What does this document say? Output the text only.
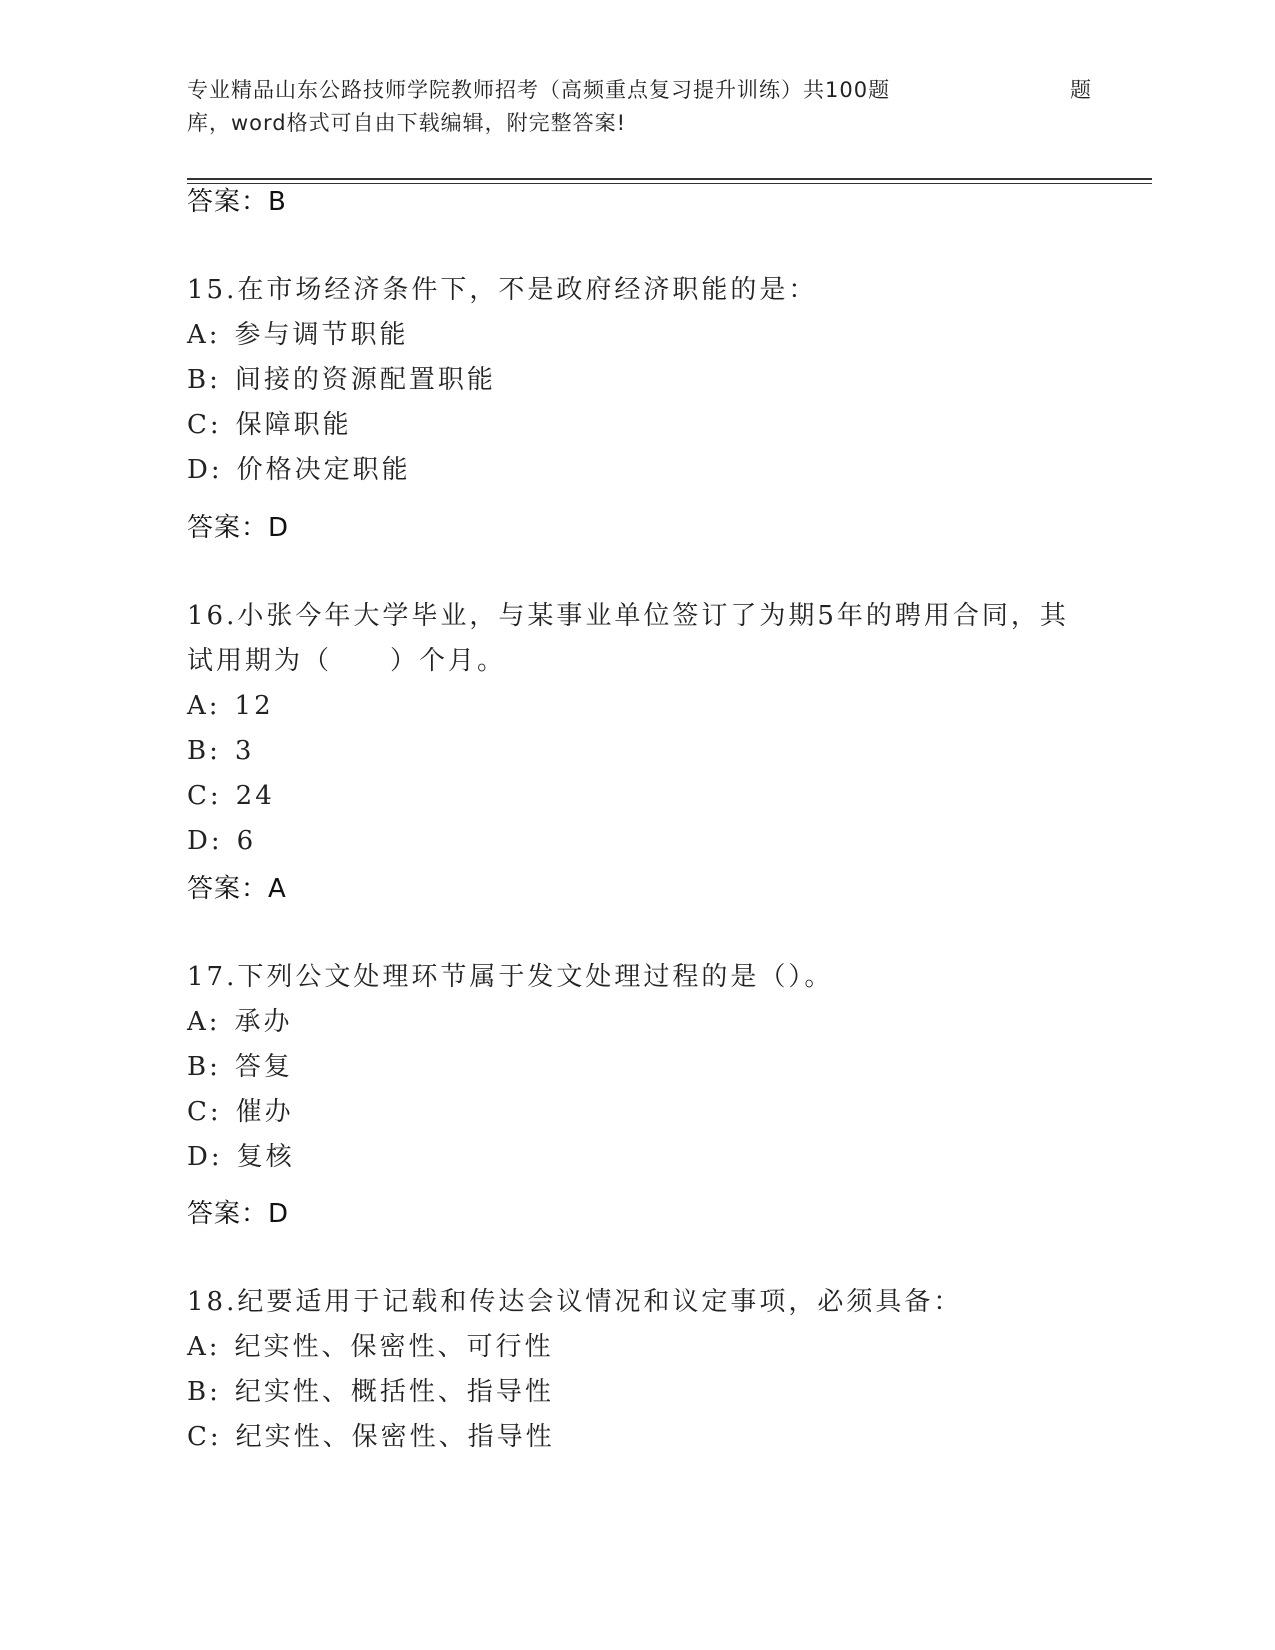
专业精品山东公路技师学院教师招考（高频重点复习提升训练）共100题	题
库，word格式可自由下载编辑，附完整答案!
答案：B
15.在市场经济条件下，不是政府经济职能的是：
A: 参与调节职能
B: 间接的资源配置职能
C: 保障职能
D: 价格决定职能
答案：D
16.小张今年大学毕业，与某事业单位签订了为期5年的聘用合同，其
试用期为（　　）个月。
A: 12
B: 3
C: 24
D: 6
答案：A
17.下列公文处理环节属于发文处理过程的是（）。
A: 承办
B: 答复
C: 催办
D: 复核
答案：D
18.纪要适用于记载和传达会议情况和议定事项，必须具备：
A: 纪实性、保密性、可行性
B: 纪实性、概括性、指导性
C: 纪实性、保密性、指导性
